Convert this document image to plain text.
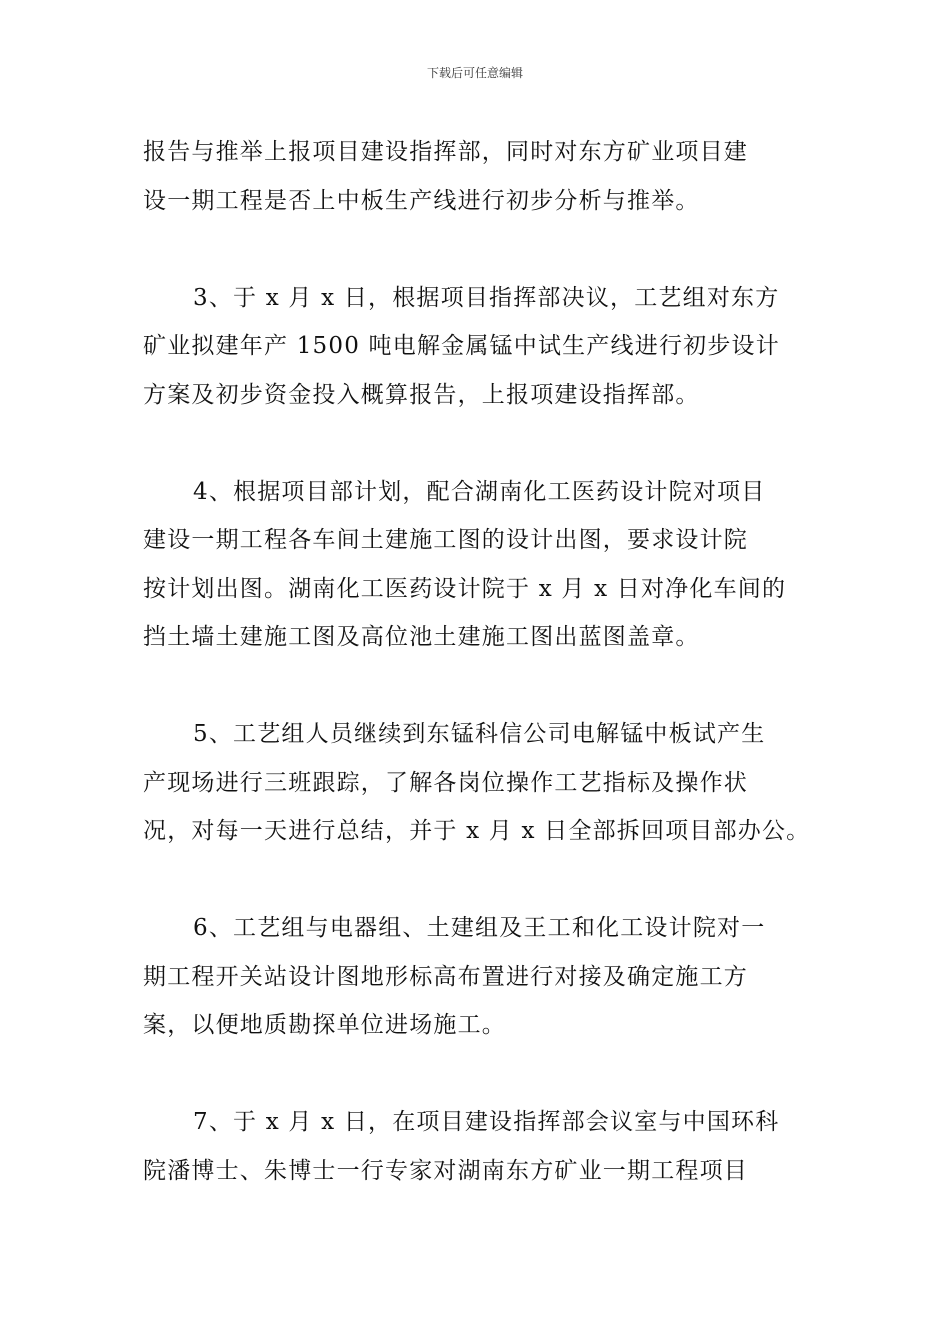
下载后可任意编辑

报告与推举上报项目建设指挥部，同时对东方矿业项目建
设一期工程是否上中板生产线进行初步分析与推举。

3、于 x 月 x 日，根据项目指挥部决议，工艺组对东方
矿业拟建年产 1500 吨电解金属锰中试生产线进行初步设计
方案及初步资金投入概算报告，上报项建设指挥部。

4、根据项目部计划，配合湖南化工医药设计院对项目
建设一期工程各车间土建施工图的设计出图，要求设计院
按计划出图。湖南化工医药设计院于 x 月 x 日对净化车间的
挡土墙土建施工图及高位池土建施工图出蓝图盖章。

5、工艺组人员继续到东锰科信公司电解锰中板试产生
产现场进行三班跟踪，了解各岗位操作工艺指标及操作状
况，对每一天进行总结，并于 x 月 x 日全部拆回项目部办公。

6、工艺组与电器组、土建组及王工和化工设计院对一
期工程开关站设计图地形标高布置进行对接及确定施工方
案，以便地质勘探单位进场施工。

7、于 x 月 x 日，在项目建设指挥部会议室与中国环科
院潘博士、朱博士一行专家对湖南东方矿业一期工程项目
